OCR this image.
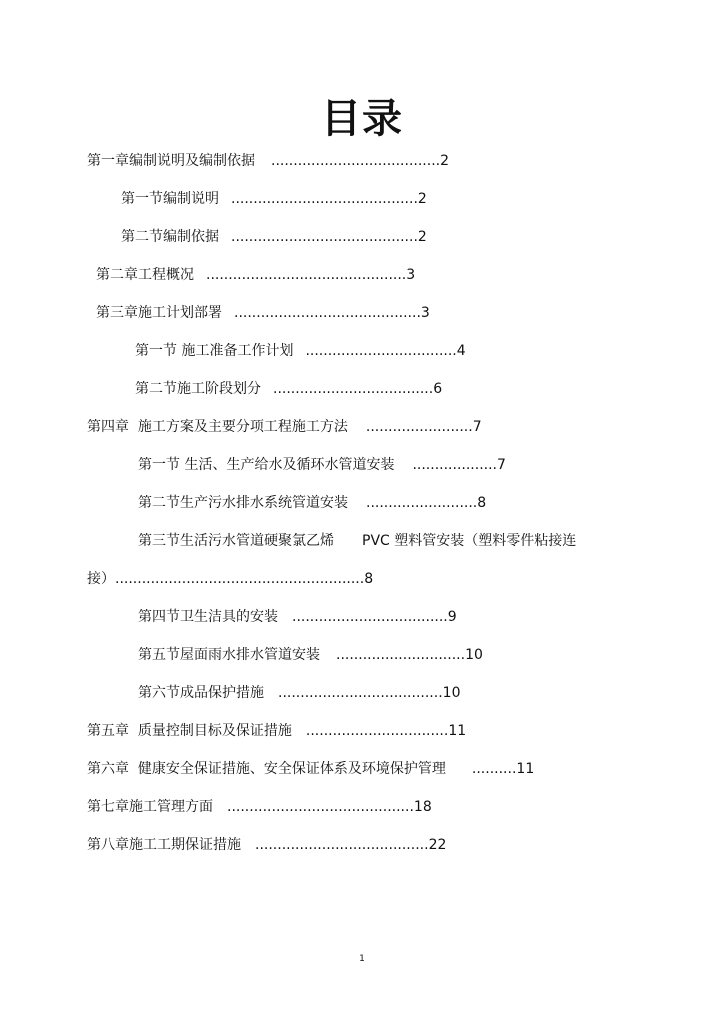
目录
第一章编制说明及编制依据 ......................................2
第一节编制说明 ..........................................2
第二节编制依据 ..........................................2
第二章工程概况 .............................................3
第三章施工计划部署 ..........................................3
第一节 施工准备工作计划 ..................................4
第二节施工阶段划分 ....................................6
第四章  施工方案及主要分项工程施工方法 ........................7
第一节 生活、生产给水及循环水管道安装 ...................7
第二节生产污水排水系统管道安装 .........................8
第三节生活污水管道硬聚氯乙烯 PVC 塑料管安装（塑料零件粘接连
接）........................................................8
第四节卫生洁具的安装 ...................................9
第五节屋面雨水排水管道安装 .............................10
第六节成品保护措施 .....................................10
第五章  质量控制目标及保证措施 ................................11
第六章  健康安全保证措施、安全保证体系及环境保护管理 ..........11
第七章施工管理方面 ..........................................18
第八章施工工期保证措施 .......................................22
1
